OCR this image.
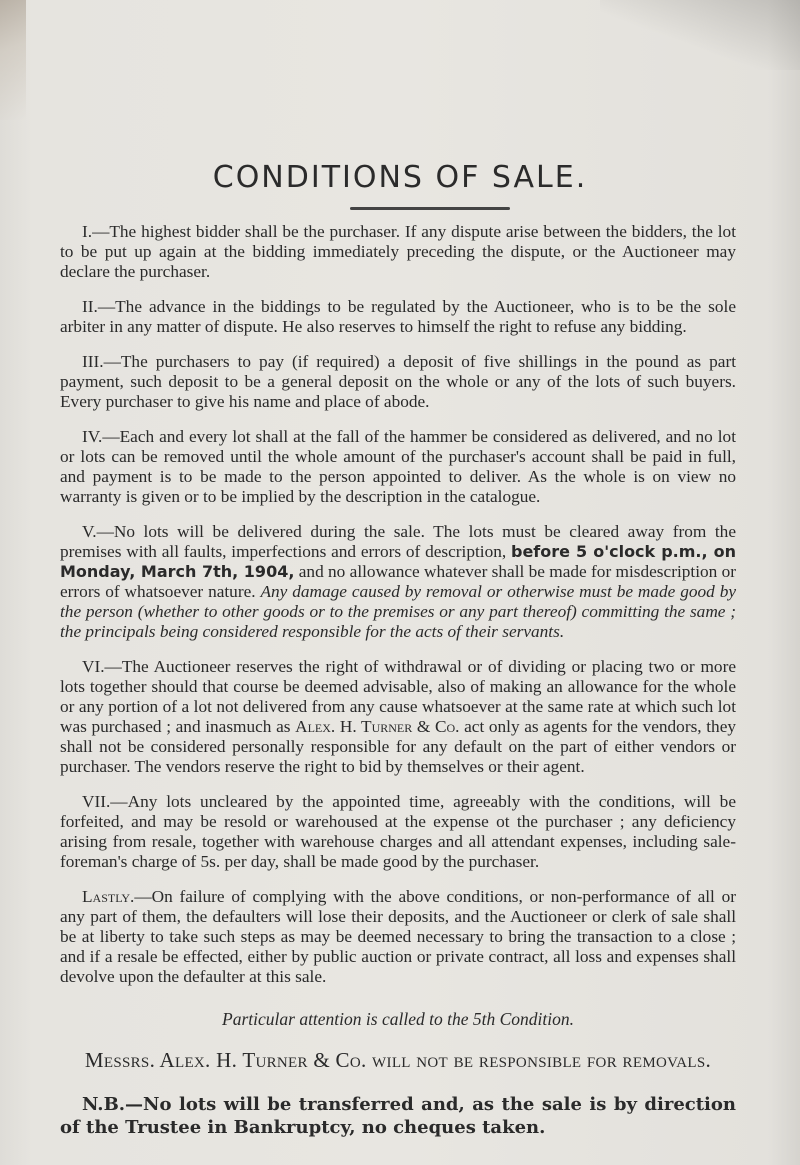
CONDITIONS OF SALE.

I.—The highest bidder shall be the purchaser. If any dispute arise between the bidders, the lot to be put up again at the bidding immediately preceding the dispute, or the Auctioneer may declare the purchaser.

II.—The advance in the biddings to be regulated by the Auctioneer, who is to be the sole arbiter in any matter of dispute. He also reserves to himself the right to refuse any bidding.

III.—The purchasers to pay (if required) a deposit of five shillings in the pound as part payment, such deposit to be a general deposit on the whole or any of the lots of such buyers. Every purchaser to give his name and place of abode.

IV.—Each and every lot shall at the fall of the hammer be considered as delivered, and no lot or lots can be removed until the whole amount of the purchaser's account shall be paid in full, and payment is to be made to the person appointed to deliver. As the whole is on view no warranty is given or to be implied by the description in the catalogue.

V.—No lots will be delivered during the sale. The lots must be cleared away from the premises with all faults, imperfections and errors of description, before 5 o'clock p.m., on Monday, March 7th, 1904, and no allowance whatever shall be made for misdescription or errors of whatsoever nature. Any damage caused by removal or otherwise must be made good by the person (whether to other goods or to the premises or any part thereof) committing the same ; the principals being considered responsible for the acts of their servants.

VI.—The Auctioneer reserves the right of withdrawal or of dividing or placing two or more lots together should that course be deemed advisable, also of making an allowance for the whole or any portion of a lot not delivered from any cause whatsoever at the same rate at which such lot was purchased ; and inasmuch as Alex. H. Turner & Co. act only as agents for the vendors, they shall not be considered personally responsible for any default on the part of either vendors or purchaser. The vendors reserve the right to bid by themselves or their agent.

VII.—Any lots uncleared by the appointed time, agreeably with the conditions, will be forfeited, and may be resold or warehoused at the expense ot the purchaser ; any deficiency arising from resale, together with warehouse charges and all attendant expenses, including sale-foreman's charge of 5s. per day, shall be made good by the purchaser.

Lastly.—On failure of complying with the above conditions, or non-performance of all or any part of them, the defaulters will lose their deposits, and the Auctioneer or clerk of sale shall be at liberty to take such steps as may be deemed necessary to bring the transaction to a close ; and if a resale be effected, either by public auction or private contract, all loss and expenses shall devolve upon the defaulter at this sale.

Particular attention is called to the 5th Condition.

Messrs. Alex. H. Turner & Co. will not be responsible for removals.

N.B.—No lots will be transferred and, as the sale is by direction of the Trustee in Bankruptcy, no cheques taken.
